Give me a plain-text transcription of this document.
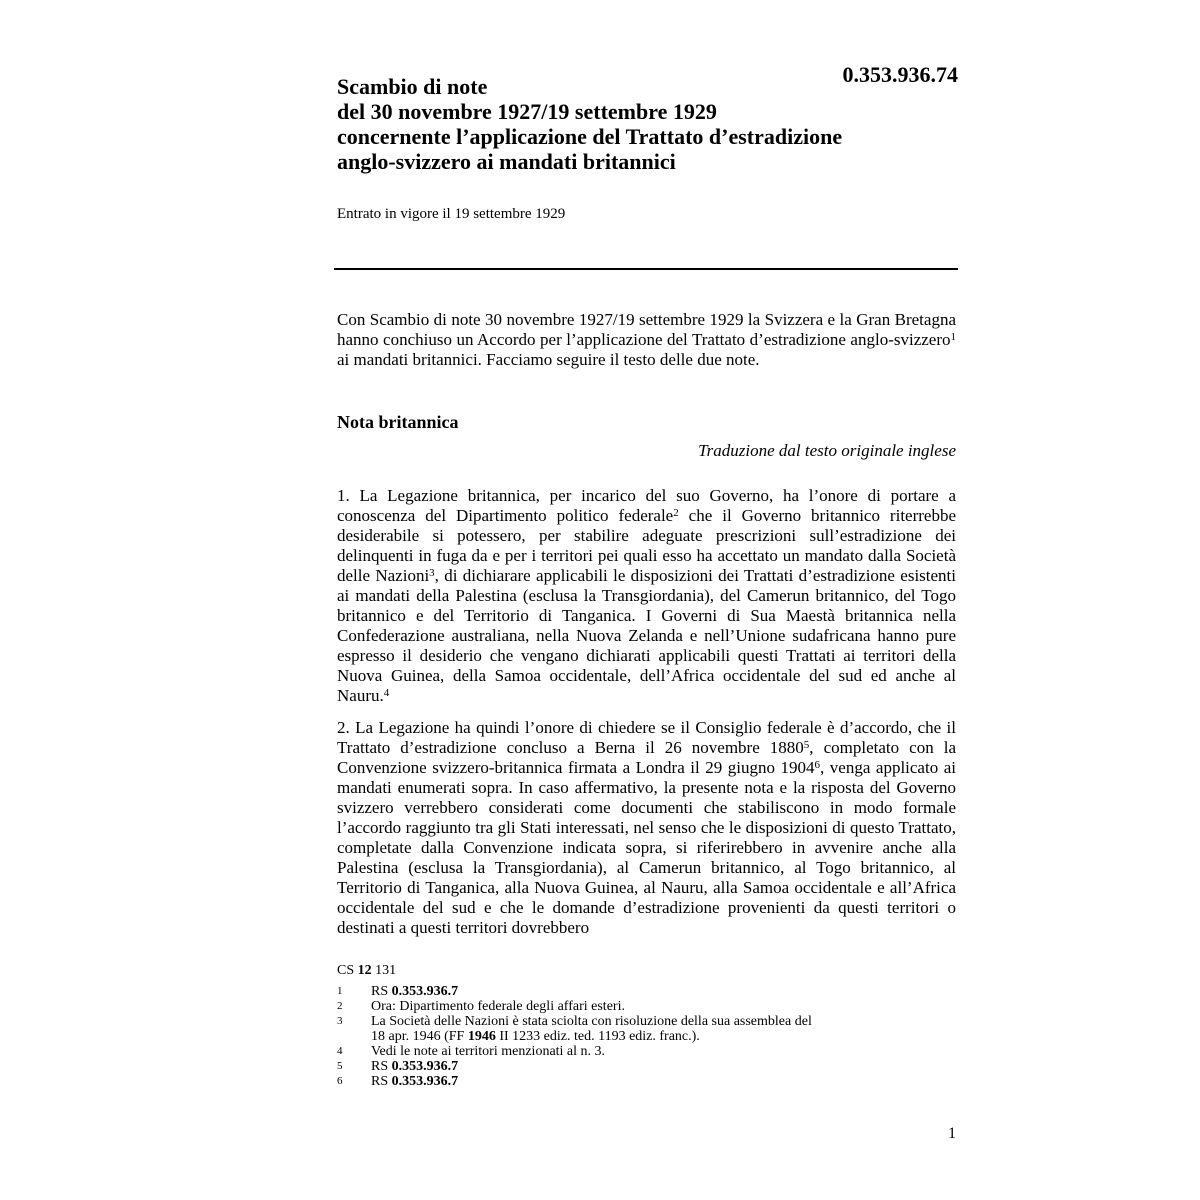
0.353.936.74
Scambio di note
del 30 novembre 1927/19 settembre 1929
concernente l’applicazione del Trattato d’estradizione
anglo-svizzero ai mandati britannici
Entrato in vigore il 19 settembre 1929
Con Scambio di note 30 novembre 1927/19 settembre 1929 la Svizzera e la Gran Bretagna hanno conchiuso un Accordo per l’applicazione del Trattato d’estradizione anglo-svizzero$^1$ ai mandati britannici. Facciamo seguire il testo delle due note.
Nota britannica
Traduzione dal testo originale inglese
1. La Legazione britannica, per incarico del suo Governo, ha l’onore di portare a conoscenza del Dipartimento politico federale$^2$ che il Governo britannico riterrebbe desiderabile si potessero, per stabilire adeguate prescrizioni sull’estradizione dei delinquenti in fuga da e per i territori pei quali esso ha accettato un mandato dalla Società delle Nazioni$^3$, di dichiarare applicabili le disposizioni dei Trattati d’estradizione esistenti ai mandati della Palestina (esclusa la Transgiordania), del Camerun britannico, del Togo britannico e del Territorio di Tanganica. I Governi di Sua Maestà britannica nella Confederazione australiana, nella Nuova Zelanda e nell’Unione sudafricana hanno pure espresso il desiderio che vengano dichiarati applicabili questi Trattati ai territori della Nuova Guinea, della Samoa occidentale, dell’Africa occidentale del sud ed anche al Nauru.$^4$
2. La Legazione ha quindi l’onore di chiedere se il Consiglio federale è d’accordo, che il Trattato d’estradizione concluso a Berna il 26 novembre 1880$^5$, completato con la Convenzione svizzero-britannica firmata a Londra il 29 giugno 1904$^6$, venga applicato ai mandati enumerati sopra. In caso affermativo, la presente nota e la risposta del Governo svizzero verrebbero considerati come documenti che stabiliscono in modo formale l’accordo raggiunto tra gli Stati interessati, nel senso che le disposizioni di questo Trattato, completate dalla Convenzione indicata sopra, si riferirebbero in avvenire anche alla Palestina (esclusa la Transgiordania), al Camerun britannico, al Togo britannico, al Territorio di Tanganica, alla Nuova Guinea, al Nauru, alla Samoa occidentale e all’Africa occidentale del sud e che le domande d’estradizione provenienti da questi territori o destinati a questi territori dovrebbero
CS 12 131
1	RS 0.353.936.7
2	Ora: Dipartimento federale degli affari esteri.
3	La Società delle Nazioni è stata sciolta con risoluzione della sua assemblea del
18 apr. 1946 (FF 1946 II 1233 ediz. ted. 1193 ediz. franc.).
4	Vedi le note ai territori menzionati al n. 3.
5	RS 0.353.936.7
6	RS 0.353.936.7
1
